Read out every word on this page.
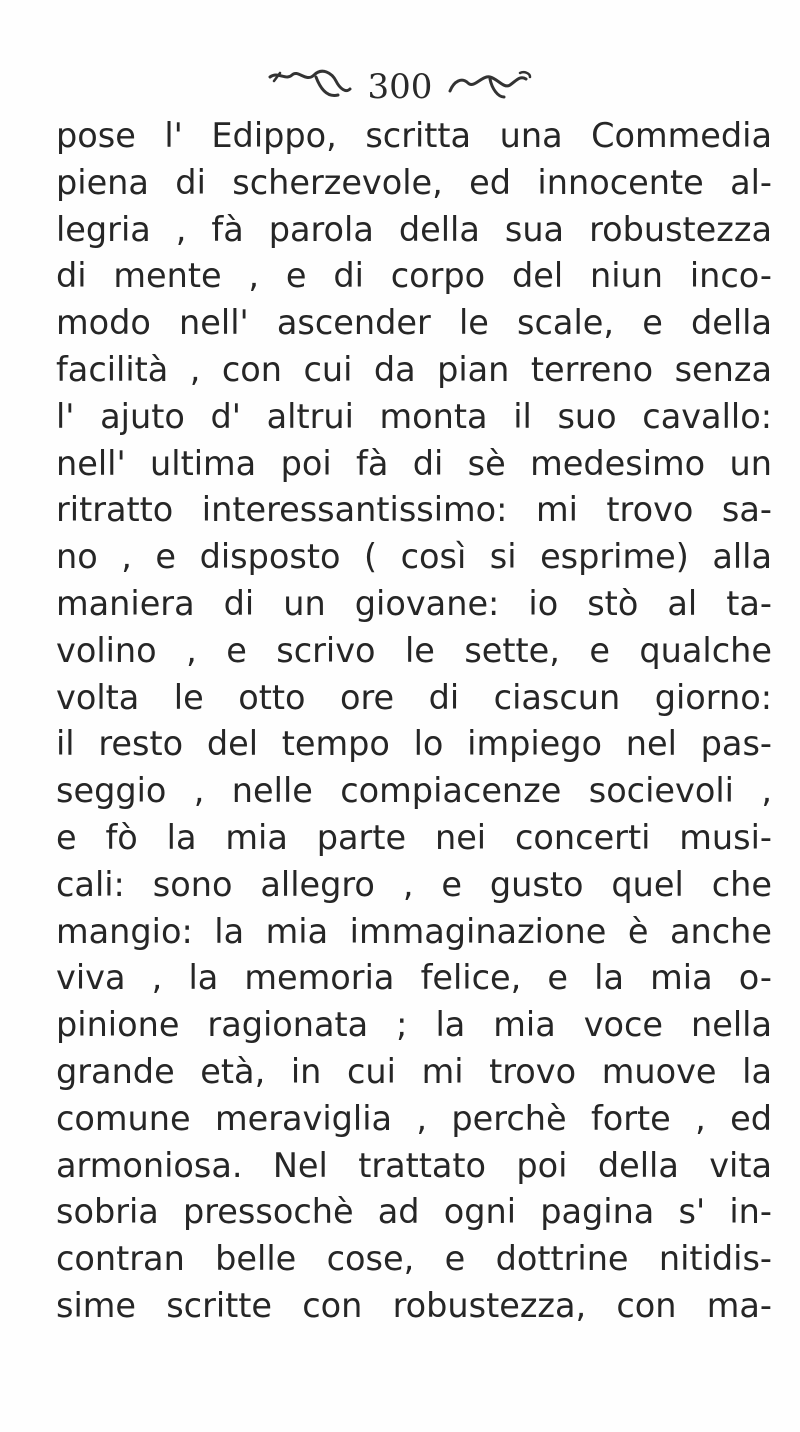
300
pose l' Edippo, scritta una Commedia
piena di scherzevole, ed innocente al-
legria , fà parola della sua robustezza
di mente , e di corpo del niun inco-
modo nell' ascender le scale, e della
facilità , con cui da pian terreno senza
l' ajuto d' altrui monta il suo cavallo:
nell' ultima poi fà di sè medesimo un
ritratto interessantissimo: mi trovo sa-
no , e disposto ( così si esprime) alla
maniera di un giovane: io stò al ta-
volino , e scrivo le sette, e qualche
volta le otto ore di ciascun giorno:
il resto del tempo lo impiego nel pas-
seggio , nelle compiacenze socievoli ,
e fò la mia parte nei concerti musi-
cali: sono allegro , e gusto quel che
mangio: la mia immaginazione è anche
viva , la memoria felice, e la mia o-
pinione ragionata ; la mia voce nella
grande età, in cui mi trovo muove la
comune meraviglia , perchè forte , ed
armoniosa. Nel trattato poi della vita
sobria pressochè ad ogni pagina s' in-
contran belle cose, e dottrine nitidis-
sime scritte con robustezza, con ma-
